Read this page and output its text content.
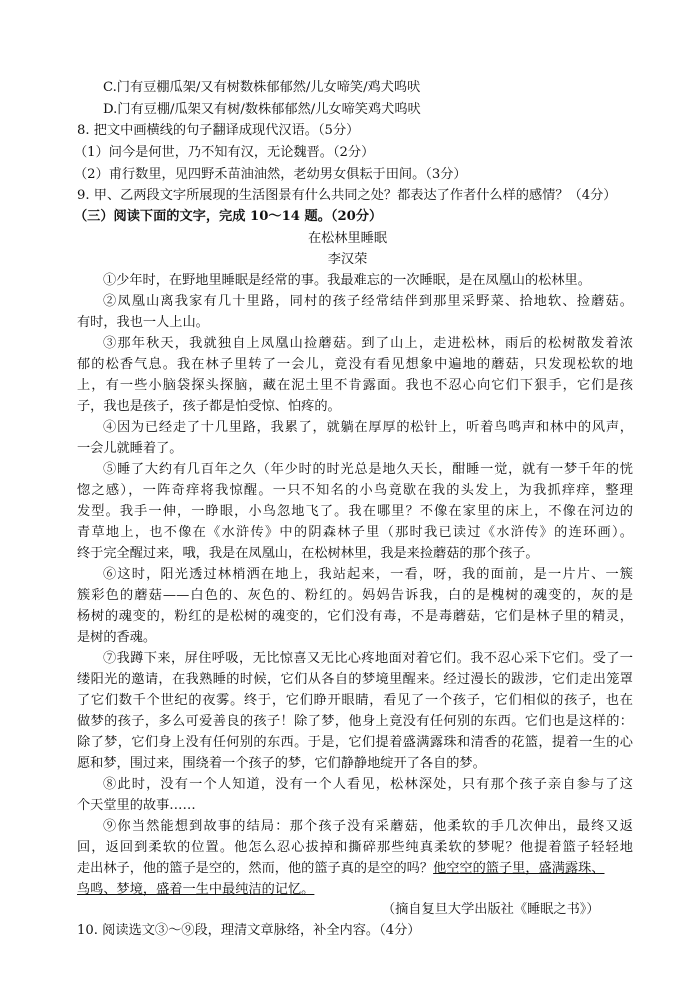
C.门有豆棚瓜架/又有树数株郁郁然/儿女啼笑/鸡犬呜吠
D.门有豆棚/瓜架又有树/数株郁郁然/儿女啼笑鸡犬呜吠
8. 把文中画横线的句子翻译成现代汉语。（5分）
（1）问今是何世，乃不知有汉，无论魏晋。（2分）
（2）甫行数里，见四野禾苗油油然，老幼男女俱耘于田间。（3分）
9. 甲、乙两段文字所展现的生活图景有什么共同之处？都表达了作者什么样的感情？（4分）
（三）阅读下面的文字，完成 10～14 题。（20分）
在松林里睡眠
李汉荣
①少年时，在野地里睡眠是经常的事。我最难忘的一次睡眠，是在凤凰山的松林里。
②凤凰山离我家有几十里路，同村的孩子经常结伴到那里采野菜、拾地软、捡蘑菇。
有时，我也一人上山。
③那年秋天，我就独自上凤凰山捡蘑菇。到了山上，走进松林，雨后的松树散发着浓
郁的松香气息。我在林子里转了一会儿，竟没有看见想象中遍地的蘑菇，只发现松软的地
上，有一些小脑袋探头探脑，藏在泥土里不肯露面。我也不忍心向它们下狠手，它们是孩
子，我也是孩子，孩子都是怕受惊、怕疼的。
④因为已经走了十几里路，我累了，就躺在厚厚的松针上，听着鸟鸣声和林中的风声，
一会儿就睡着了。
⑤睡了大约有几百年之久（年少时的时光总是地久天长，酣睡一觉，就有一梦千年的恍
惚之感），一阵奇痒将我惊醒。一只不知名的小鸟竟歇在我的头发上，为我抓痒痒，整理
发型。我手一伸，一睁眼，小鸟忽地飞了。我在哪里？不像在家里的床上，不像在河边的
青草地上，也不像在《水浒传》中的阴森林子里（那时我已读过《水浒传》的连环画）。
终于完全醒过来，哦，我是在凤凰山，在松树林里，我是来捡蘑菇的那个孩子。
⑥这时，阳光透过林梢洒在地上，我站起来，一看，呀，我的面前，是一片片、一簇
簇彩色的蘑菇——白色的、灰色的、粉红的。妈妈告诉我，白的是槐树的魂变的，灰的是
杨树的魂变的，粉红的是松树的魂变的，它们没有毒，不是毒蘑菇，它们是林子里的精灵，
是树的香魂。
⑦我蹲下来，屏住呼吸，无比惊喜又无比心疼地面对着它们。我不忍心采下它们。受了一
缕阳光的邀请，在我熟睡的时候，它们从各自的梦境里醒来。经过漫长的跋涉，它们走出笼罩
了它们数千个世纪的夜雾。终于，它们睁开眼睛，看见了一个孩子，它们相似的孩子，也在
做梦的孩子，多么可爱善良的孩子！除了梦，他身上竟没有任何别的东西。它们也是这样的：
除了梦，它们身上没有任何别的东西。于是，它们提着盛满露珠和清香的花篮，提着一生的心
愿和梦，围过来，围绕着一个孩子的梦，它们静静地绽开了各自的梦。
⑧此时，没有一个人知道，没有一个人看见，松林深处，只有那个孩子亲自参与了这
个天堂里的故事……
⑨你当然能想到故事的结局：那个孩子没有采蘑菇，他柔软的手几次伸出，最终又返
回，返回到柔软的位置。他怎么忍心拔掉和撕碎那些纯真柔软的梦呢？他提着篮子轻轻地
走出林子，他的篮子是空的，然而，他的篮子真的是空的吗？他空空的篮子里，盛满露珠、
鸟鸣、梦境，盛着一生中最纯洁的记忆。
（摘自复旦大学出版社《睡眠之书》）
10. 阅读选文③～⑨段，理清文章脉络，补全内容。（4分）
